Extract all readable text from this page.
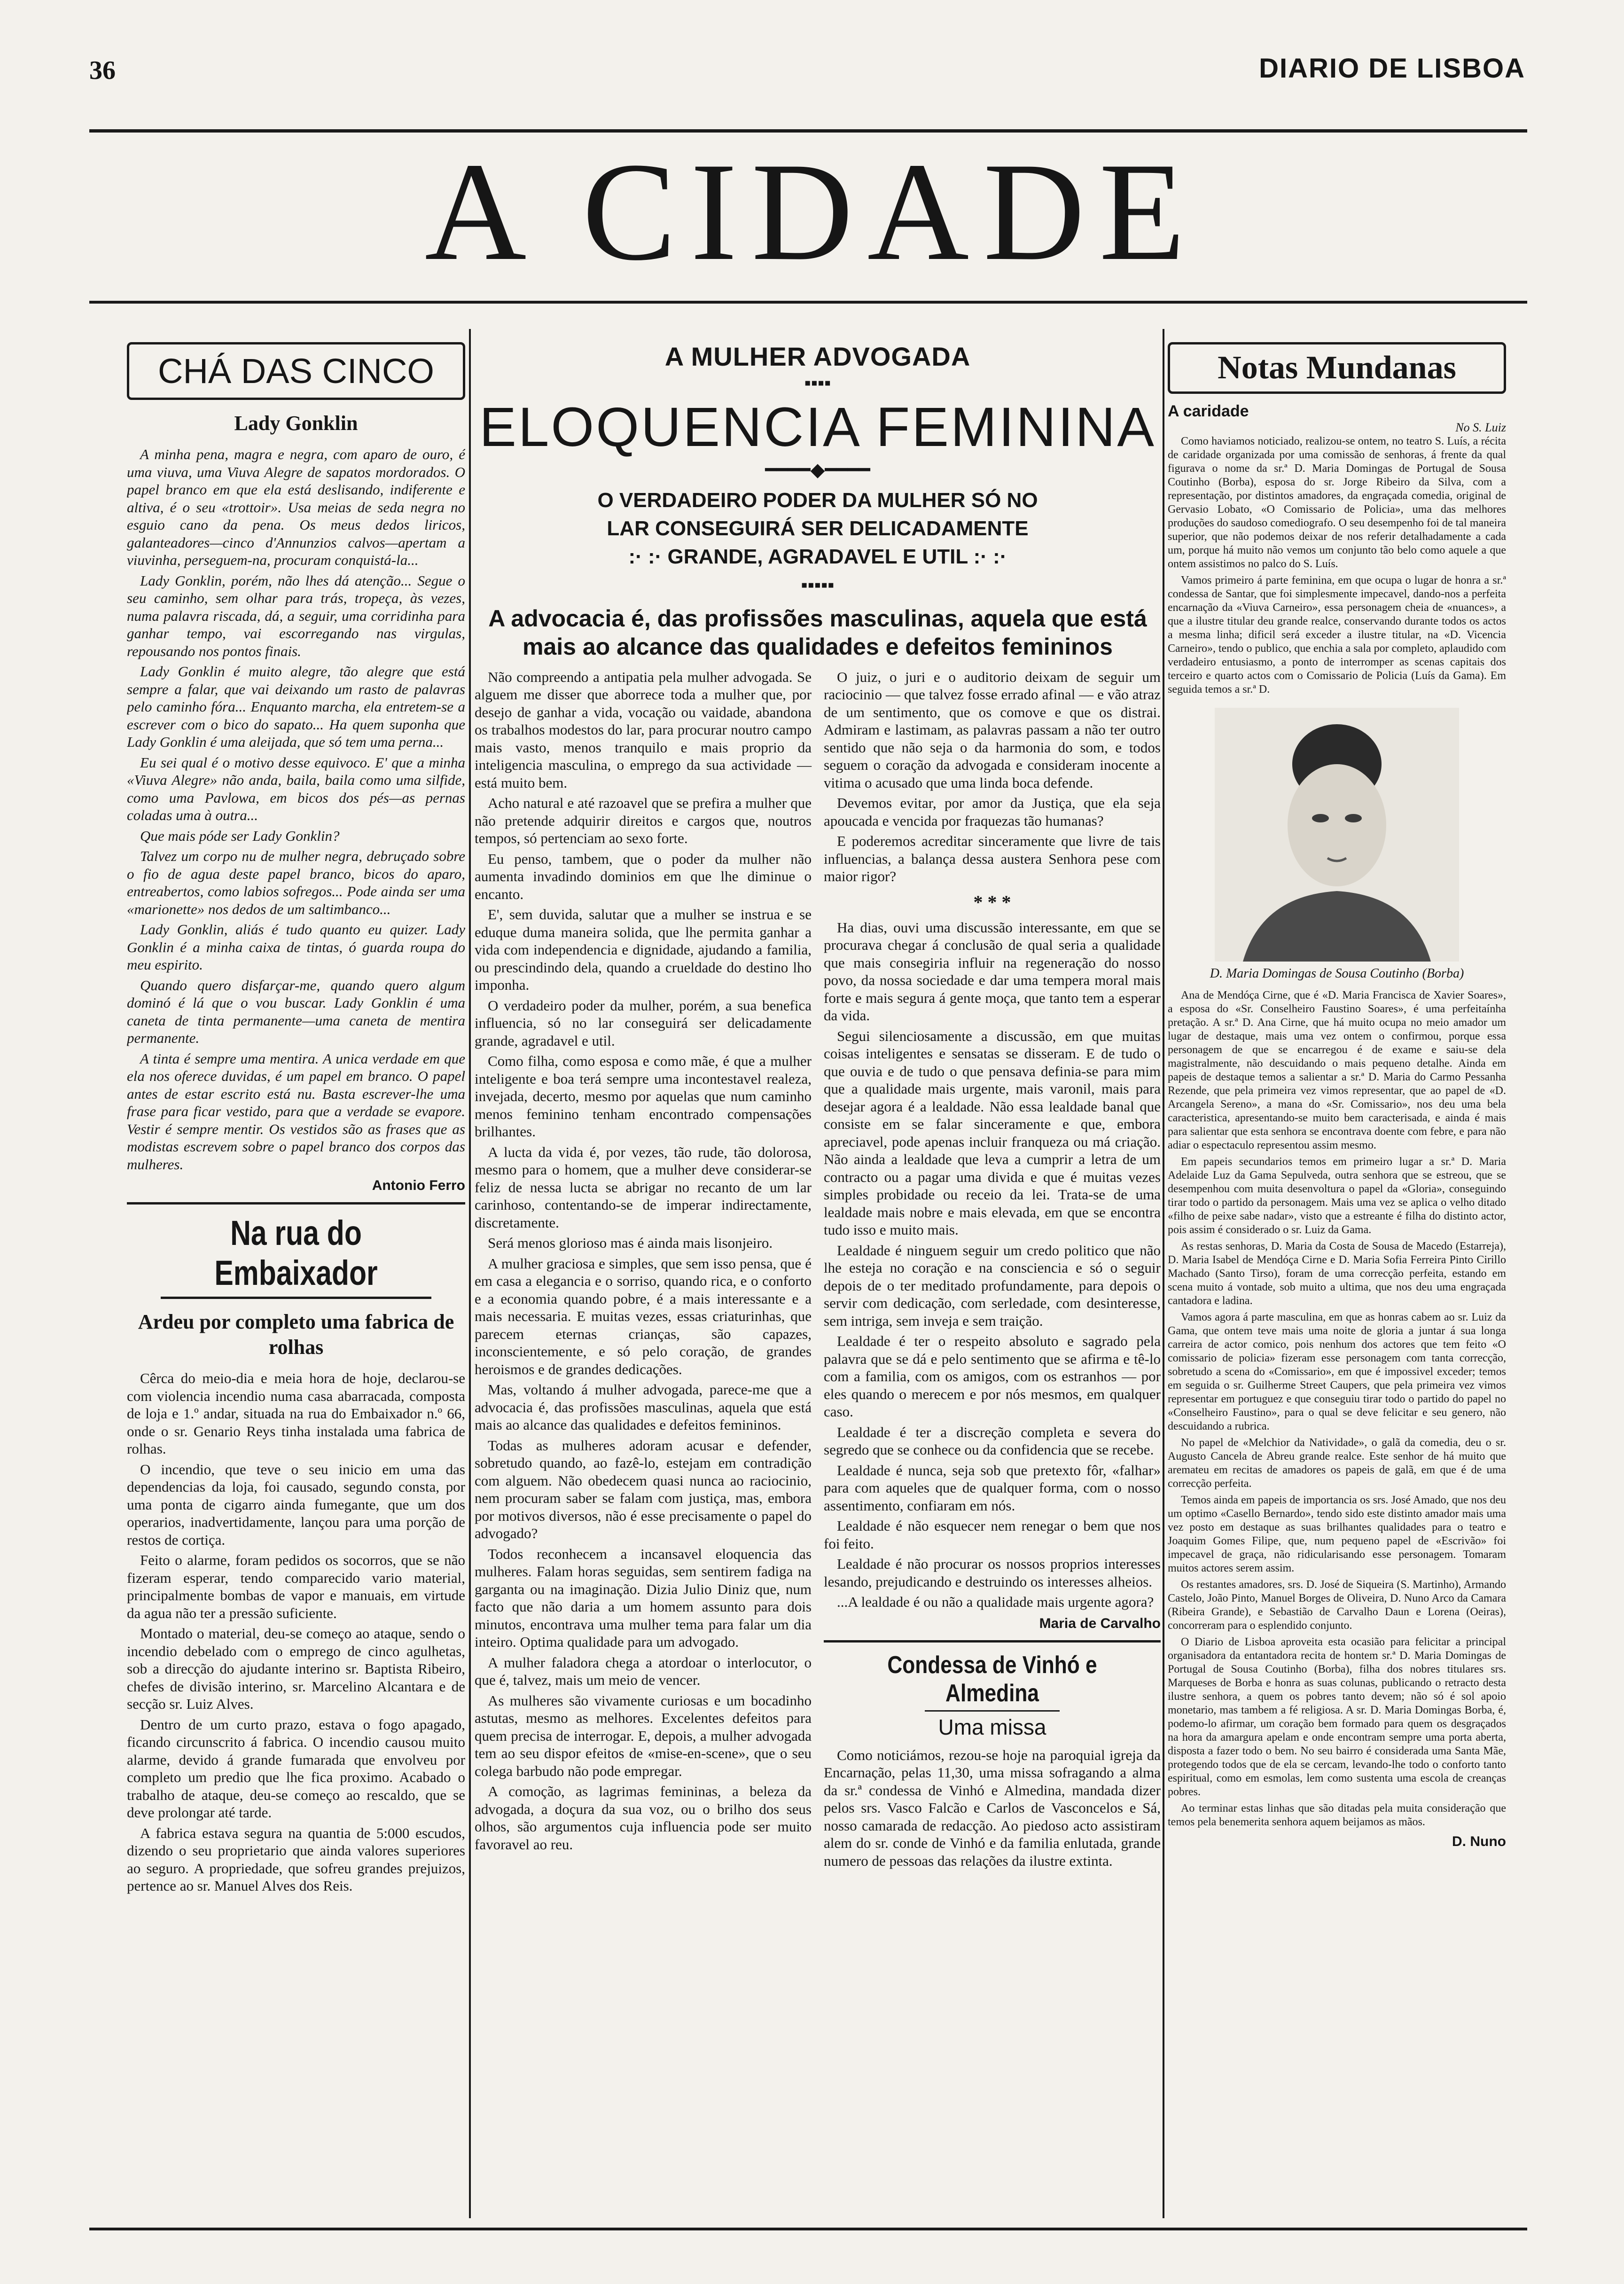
36	DIARIO DE LISBOA
A CIDADE
CHÁ DAS CINCO
Lady Gonklin

A minha pena, magra e negra, com aparo de ouro, é uma viuva, uma Viuva Alegre de sapatos mordorados. O papel branco em que ela está deslisando, indiferente e altiva, é o seu «trottoir». Usa meias de seda negra no esguio cano da pena. Os meus dedos liricos, galanteadores—cinco d'Annunzios calvos—apertam a viuvinha, perseguem-na, procuram conquistá-la...

Lady Gonklin, porém, não lhes dá atenção... Segue o seu caminho, sem olhar para trás, tropeça, às vezes, numa palavra riscada, dá, a seguir, uma corridinha para ganhar tempo, vai escorregando nas virgulas, repousando nos pontos finais.

Lady Gonklin é muito alegre, tão alegre que está sempre a falar, que vai deixando um rasto de palavras pelo caminho fóra... Enquanto marcha, ela entretem-se a escrever com o bico do sapato... Ha quem suponha que Lady Gonklin é uma aleijada, que só tem uma perna...

Eu sei qual é o motivo desse equivoco. E' que a minha «Viuva Alegre» não anda, baila, baila como uma silfide, como uma Pavlowa, em bicos dos pés—as pernas coladas uma à outra...

Que mais póde ser Lady Gonklin?

Talvez um corpo nu de mulher negra, debruçado sobre o fio de agua deste papel branco, bicos do aparo, entreabertos, como labios sofregos... Pode ainda ser uma «marionette» nos dedos de um saltimbanco...

Lady Gonklin, aliás é tudo quanto eu quizer. Lady Gonklin é a minha caixa de tintas, ó guarda roupa do meu espirito.

Quando quero disfarçar-me, quando quero algum dominó é lá que o vou buscar. Lady Gonklin é uma caneta de tinta permanente—uma caneta de mentira permanente.

A tinta é sempre uma mentira. A unica verdade em que ela nos oferece duvidas, é um papel em branco. O papel antes de estar escrito está nu. Basta escrever-lhe uma frase para ficar vestido, para que a verdade se evapore. Vestir é sempre mentir. Os vestidos são as frases que as modistas escrevem sobre o papel branco dos corpos das mulheres.

Antonio Ferro
Na rua do Embaixador
Ardeu por completo uma fabrica de rolhas

Cêrca do meio-dia e meia hora de hoje, declarou-se com violencia incendio numa casa abarracada, composta de loja e 1.º andar, situada na rua do Embaixador n.º 66, onde o sr. Genario Reys tinha instalada uma fabrica de rolhas.

O incendio, que teve o seu inicio em uma das dependencias da loja, foi causado, segundo consta, por uma ponta de cigarro ainda fumegante, que um dos operarios, inadvertidamente, lançou para uma porção de restos de cortiça.

Feito o alarme, foram pedidos os socorros, que se não fizeram esperar, tendo comparecido vario material, principalmente bombas de vapor e manuais, em virtude da agua não ter a pressão suficiente.

Montado o material, deu-se começo ao ataque, sendo o incendio debelado com o emprego de cinco agulhetas, sob a direcção do ajudante interino sr. Baptista Ribeiro, chefes de divisão interino, sr. Marcelino Alcantara e de secção sr. Luiz Alves.

Dentro de um curto prazo, estava o fogo apagado, ficando circunscrito á fabrica. O incendio causou muito alarme, devido á grande fumarada que envolveu por completo um predio que lhe fica proximo. Acabado o trabalho de ataque, deu-se começo ao rescaldo, que se deve prolongar até tarde.

A fabrica estava segura na quantia de 5:000 escudos, dizendo o seu proprietario que ainda valores superiores ao seguro. A propriedade, que sofreu grandes prejuizos, pertence ao sr. Manuel Alves dos Reis.

A MULHER ADVOGADA
▪▪▪▪
ELOQUENCIA FEMININA
━━━━◆━━━━
O VERDADEIRO PODER DA MULHER SÓ NO
LAR CONSEGUIRÁ SER DELICADAMENTE
:· :· GRANDE, AGRADAVEL E UTIL :· :·
▪▪▪▪▪
A advocacia é, das profissões masculinas, aquela que está mais ao alcance das qualidades e defeitos femininos

Não compreendo a antipatia pela mulher advogada. Se alguem me disser que aborrece toda a mulher que, por desejo de ganhar a vida, vocação ou vaidade, abandona os trabalhos modestos do lar, para procurar noutro campo mais vasto, menos tranquilo e mais proprio da inteligencia masculina, o emprego da sua actividade — está muito bem.

Acho natural e até razoavel que se prefira a mulher que não pretende adquirir direitos e cargos que, noutros tempos, só pertenciam ao sexo forte.

Eu penso, tambem, que o poder da mulher não aumenta invadindo dominios em que lhe diminue o encanto.

E', sem duvida, salutar que a mulher se instrua e se eduque duma maneira solida, que lhe permita ganhar a vida com independencia e dignidade, ajudando a familia, ou prescindindo dela, quando a crueldade do destino lho imponha.

O verdadeiro poder da mulher, porém, a sua benefica influencia, só no lar conseguirá ser delicadamente grande, agradavel e util.

Como filha, como esposa e como mãe, é que a mulher inteligente e boa terá sempre uma incontestavel realeza, invejada, decerto, mesmo por aquelas que num caminho menos feminino tenham encontrado compensações brilhantes.

A lucta da vida é, por vezes, tão rude, tão dolorosa, mesmo para o homem, que a mulher deve considerar-se feliz de nessa lucta se abrigar no recanto de um lar carinhoso, contentando-se de imperar indirectamente, discretamente.

Será menos glorioso mas é ainda mais lisonjeiro.

A mulher graciosa e simples, que sem isso pensa, que é em casa a elegancia e o sorriso, quando rica, e o conforto e a economia quando pobre, é a mais interessante e a mais necessaria. E muitas vezes, essas criaturinhas, que parecem eternas crianças, são capazes, inconscientemente, e só pelo coração, de grandes heroismos e de grandes dedicações.

Mas, voltando á mulher advogada, parece-me que a advocacia é, das profissões masculinas, aquela que está mais ao alcance das qualidades e defeitos femininos.

Todas as mulheres adoram acusar e defender, sobretudo quando, ao fazê-lo, estejam em contradição com alguem. Não obedecem quasi nunca ao raciocinio, nem procuram saber se falam com justiça, mas, embora por motivos diversos, não é esse precisamente o papel do advogado?

Todos reconhecem a incansavel eloquencia das mulheres. Falam horas seguidas, sem sentirem fadiga na garganta ou na imaginação. Dizia Julio Diniz que, num facto que não daria a um homem assunto para dois minutos, encontrava uma mulher tema para falar um dia inteiro. Optima qualidade para um advogado.

A mulher faladora chega a atordoar o interlocutor, o que é, talvez, mais um meio de vencer.

As mulheres são vivamente curiosas e um bocadinho astutas, mesmo as melhores. Excelentes defeitos para quem precisa de interrogar. E, depois, a mulher advogada tem ao seu dispor efeitos de «mise-en-scene», que o seu colega barbudo não pode empregar.

A comoção, as lagrimas femininas, a beleza da advogada, a doçura da sua voz, ou o brilho dos seus olhos, são argumentos cuja influencia pode ser muito favoravel ao reu.

O juiz, o juri e o auditorio deixam de seguir um raciocinio — que talvez fosse errado afinal — e vão atraz de um sentimento, que os comove e que os distrai. Admiram e lastimam, as palavras passam a não ter outro sentido que não seja o da harmonia do som, e todos seguem o coração da advogada e consideram inocente a vitima o acusado que uma linda boca defende.

Devemos evitar, por amor da Justiça, que ela seja apoucada e vencida por fraquezas tão humanas?

E poderemos acreditar sinceramente que livre de tais influencias, a balança dessa austera Senhora pese com maior rigor?

* * *

Ha dias, ouvi uma discussão interessante, em que se procurava chegar á conclusão de qual seria a qualidade que mais consegiria influir na regeneração do nosso povo, da nossa sociedade e dar uma tempera moral mais forte e mais segura á gente moça, que tanto tem a esperar da vida.

Segui silenciosamente a discussão, em que muitas coisas inteligentes e sensatas se disseram. E de tudo o que ouvia e de tudo o que pensava definia-se para mim que a qualidade mais urgente, mais varonil, mais para desejar agora é a lealdade. Não essa lealdade banal que consiste em se falar sinceramente e que, embora apreciavel, pode apenas incluir franqueza ou má criação. Não ainda a lealdade que leva a cumprir a letra de um contracto ou a pagar uma divida e que é muitas vezes simples probidade ou receio da lei. Trata-se de uma lealdade mais nobre e mais elevada, em que se encontra tudo isso e muito mais.

Lealdade é ninguem seguir um credo politico que não lhe esteja no coração e na consciencia e só o seguir depois de o ter meditado profundamente, para depois o servir com dedicação, com serledade, com desinteresse, sem intriga, sem inveja e sem traição.

Lealdade é ter o respeito absoluto e sagrado pela palavra que se dá e pelo sentimento que se afirma e tê-lo com a familia, com os amigos, com os estranhos — por eles quando o merecem e por nós mesmos, em qualquer caso.

Lealdade é ter a discreção completa e severa do segredo que se conhece ou da confidencia que se recebe.

Lealdade é nunca, seja sob que pretexto fôr, «falhar» para com aqueles que de qualquer forma, com o nosso assentimento, confiaram em nós.

Lealdade é não esquecer nem renegar o bem que nos foi feito.

Lealdade é não procurar os nossos proprios interesses lesando, prejudicando e destruindo os interesses alheios.

...A lealdade é ou não a qualidade mais urgente agora?

Maria de Carvalho
Condessa de Vinhó e Almedina
Uma missa

Como noticiámos, rezou-se hoje na paroquial igreja da Encarnação, pelas 11,30, uma missa sofragando a alma da sr.ª condessa de Vinhó e Almedina, mandada dizer pelos srs. Vasco Falcão e Carlos de Vasconcelos e Sá, nosso camarada de redacção. Ao piedoso acto assistiram alem do sr. conde de Vinhó e da familia enlutada, grande numero de pessoas das relações da ilustre extinta.

Notas Mundanas
A caridade
No S. Luiz

Como haviamos noticiado, realizou-se ontem, no teatro S. Luís, a récita de caridade organizada por uma comissão de senhoras, á frente da qual figurava o nome da sr.ª D. Maria Domingas de Portugal de Sousa Coutinho (Borba), esposa do sr. Jorge Ribeiro da Silva, com a representação, por distintos amadores, da engraçada comedia, original de Gervasio Lobato, «O Comissario de Policia», uma das melhores produções do saudoso comediografo. O seu desempenho foi de tal maneira superior, que não podemos deixar de nos referir detalhadamente a cada um, porque há muito não vemos um conjunto tão belo como aquele a que ontem assistimos no palco do S. Luís.

Vamos primeiro á parte feminina, em que ocupa o lugar de honra a sr.ª condessa de Santar, que foi simplesmente impecavel, dando-nos a perfeita encarnação da «Viuva Carneiro», essa personagem cheia de «nuances», a que a ilustre titular deu grande realce, conservando durante todos os actos a mesma linha; dificil será exceder a ilustre titular, na «D. Vicencia Carneiro», tendo o publico, que enchia a sala por completo, aplaudido com verdadeiro entusiasmo, a ponto de interromper as scenas capitais dos terceiro e quarto actos com o Comissario de Policia (Luís da Gama). Em seguida temos a sr.ª D.

D. Maria Domingas de Sousa Coutinho (Borba)

Ana de Mendóça Cirne, que é «D. Maria Francisca de Xavier Soares», a esposa do «Sr. Conselheiro Faustino Soares», é uma perfeitaínha pretação. A sr.ª D. Ana Cirne, que há muito ocupa no meio amador um lugar de destaque, mais uma vez ontem o confirmou, porque essa personagem de que se encarregou é de exame e saiu-se dela magistralmente, não descuidando o mais pequeno detalhe. Ainda em papeis de destaque temos a salientar a sr.ª D. Maria do Carmo Pessanha Rezende, que pela primeira vez vimos representar, que ao papel de «D. Arcangela Sereno», a mana do «Sr. Comissario», nos deu uma bela caracteristica, apresentando-se muito bem caracterisada, e ainda é mais para salientar que esta senhora se encontrava doente com febre, e para não adiar o espectaculo representou assim mesmo.

Em papeis secundarios temos em primeiro lugar a sr.ª D. Maria Adelaide Luz da Gama Sepulveda, outra senhora que se estreou, que se desempenhou com muita desenvoltura o papel da «Gloria», conseguindo tirar todo o partido da personagem. Mais uma vez se aplica o velho ditado «filho de peixe sabe nadar», visto que a estreante é filha do distinto actor, pois assim é considerado o sr. Luiz da Gama.

As restas senhoras, D. Maria da Costa de Sousa de Macedo (Estarreja), D. Maria Isabel de Mendóça Cirne e D. Maria Sofia Ferreira Pinto Cirillo Machado (Santo Tirso), foram de uma correcção perfeita, estando em scena muito á vontade, sob muito a ultima, que nos deu uma engraçada cantadora e ladina.

Vamos agora á parte masculina, em que as honras cabem ao sr. Luiz da Gama, que ontem teve mais uma noite de gloria a juntar á sua longa carreira de actor comico, pois nenhum dos actores que tem feito «O comissario de policia» fizeram esse personagem com tanta correcção, sobretudo a scena do «Comissario», em que é impossivel exceder; temos em seguida o sr. Guilherme Street Caupers, que pela primeira vez vimos representar em portuguez e que conseguiu tirar todo o partido do papel no «Conselheiro Faustino», para o qual se deve felicitar e seu genero, não descuidando a rubrica.

No papel de «Melchior da Natividade», o galã da comedia, deu o sr. Augusto Cancela de Abreu grande realce. Este senhor de há muito que aremateu em recitas de amadores os papeis de galã, em que é de uma correcção perfeita.

Temos ainda em papeis de importancia os srs. José Amado, que nos deu um optimo «Casello Bernardo», tendo sido este distinto amador mais uma vez posto em destaque as suas brilhantes qualidades para o teatro e Joaquim Gomes Filipe, que, num pequeno papel de «Escrivão» foi impecavel de graça, não ridicularisando esse personagem. Tomaram muitos actores serem assim.

Os restantes amadores, srs. D. José de Siqueira (S. Martinho), Armando Castelo, João Pinto, Manuel Borges de Oliveira, D. Nuno Arco da Camara (Ribeira Grande), e Sebastião de Carvalho Daun e Lorena (Oeiras), concorreram para o esplendido conjunto.

O Diario de Lisboa aproveita esta ocasião para felicitar a principal organisadora da entantadora recita de hontem sr.ª D. Maria Domingas de Portugal de Sousa Coutinho (Borba), filha dos nobres titulares srs. Marqueses de Borba e honra as suas colunas, publicando o retracto desta ilustre senhora, a quem os pobres tanto devem; não só é sol apoio monetario, mas tambem a fé religiosa. A sr. D. Maria Domingas Borba, é, podemo-lo afirmar, um coração bem formado para quem os desgraçados na hora da amargura apelam e onde encontram sempre uma porta aberta, disposta a fazer todo o bem. No seu bairro é considerada uma Santa Mãe, protegendo todos que de ela se cercam, levando-lhe todo o conforto tanto espiritual, como em esmolas, lem como sustenta uma escola de creanças pobres.

Ao terminar estas linhas que são ditadas pela muita consideração que temos pela benemerita senhora aquem beijamos as mãos.

D. Nuno
